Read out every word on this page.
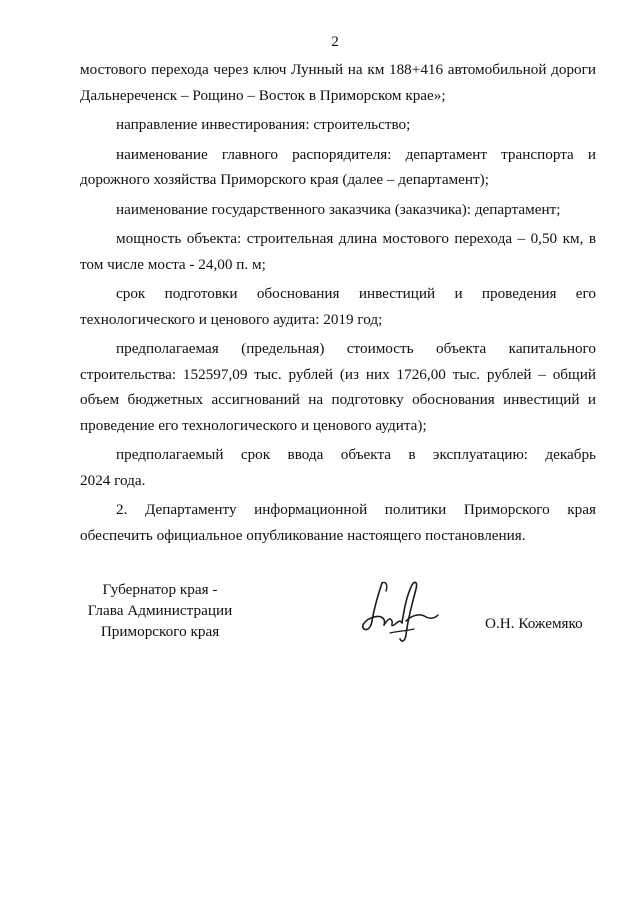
2
мостового перехода через ключ Лунный на км 188+416 автомобильной дороги
Дальнереченск – Рощино – Восток в Приморском крае»;
направление инвестирования: строительство;
наименование главного распорядителя: департамент транспорта и
дорожного хозяйства Приморского края (далее – департамент);
наименование государственного заказчика (заказчика): департамент;
мощность объекта: строительная длина мостового перехода – 0,50 км, в
том числе моста - 24,00 п. м;
срок подготовки обоснования инвестиций и проведения его
технологического и ценового аудита: 2019 год;
предполагаемая (предельная) стоимость объекта капитального
строительства: 152597,09 тыс. рублей (из них 1726,00 тыс. рублей – общий
объем бюджетных ассигнований на подготовку обоснования инвестиций и
проведение его технологического и ценового аудита);
предполагаемый срок ввода объекта в эксплуатацию: декабрь
2024 года.
2. Департаменту информационной политики Приморского края
обеспечить официальное опубликование настоящего постановления.
Губернатор края -
Глава Администрации
Приморского края	О.Н. Кожемяко
